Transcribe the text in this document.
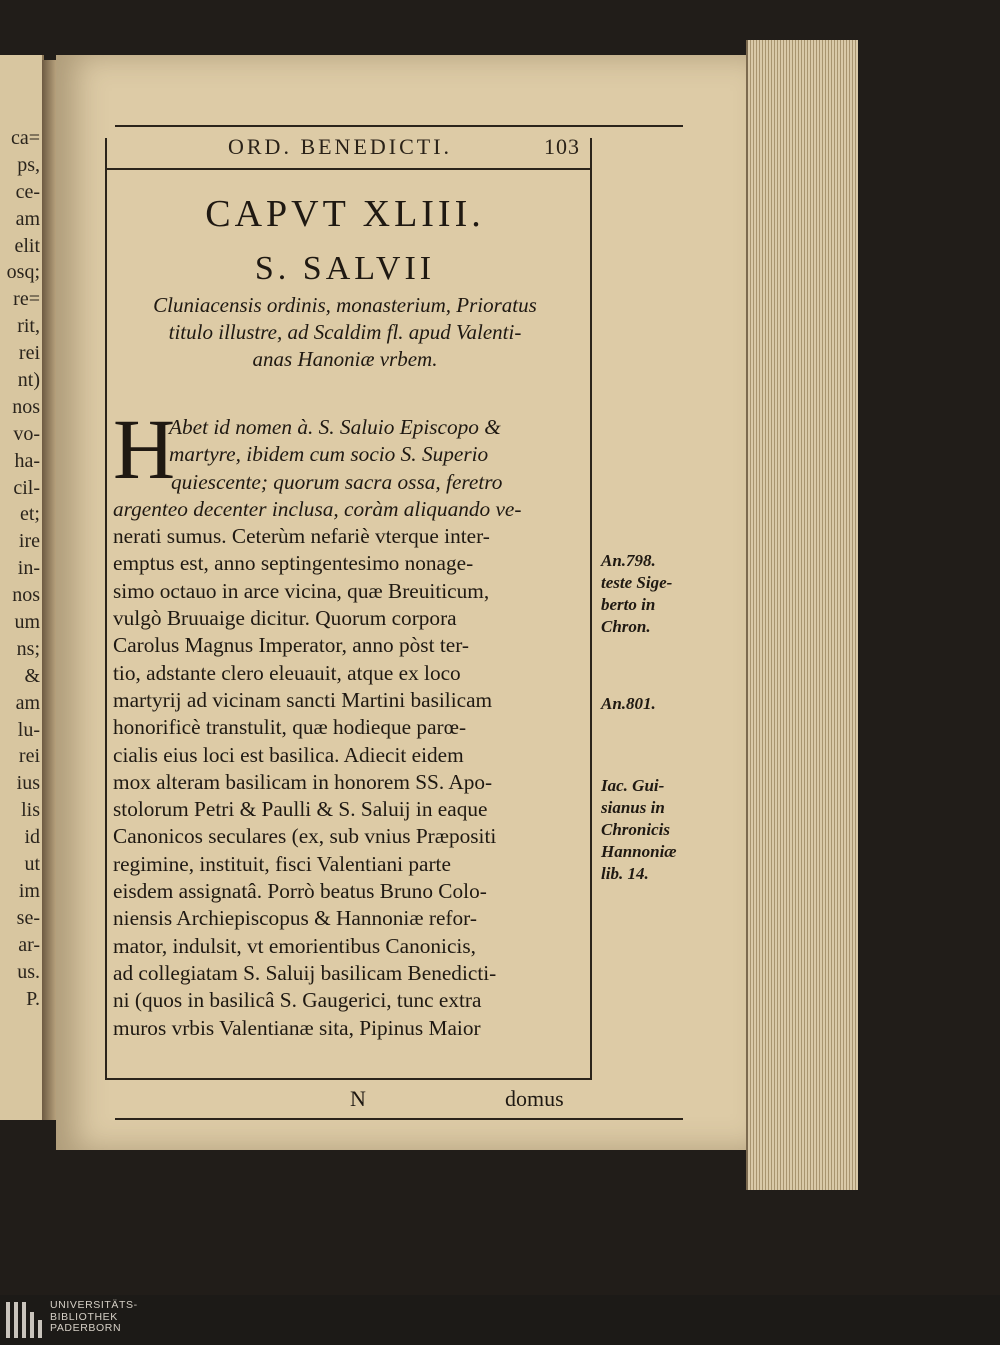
ca=
ps,
ce-
am
elit
osq;
re=
rit,
rei
nt)
nos
vo-
ha-
cil-
et;
ire
in-
nos
um
ns;
&
am
lu-
rei
ius
lis
id
ut
im
se-
ar-
us.
P.
ORD. BENEDICTI.	103
CAPVT XLIII.
S. SALVII
Cluniacensis ordinis, monasterium, Prioratus
titulo illustre, ad Scaldim fl. apud Valenti-
anas Hanoniæ vrbem.
H
Abet id nomen à. S. Saluio Episcopo &
martyre, ibidem cum socio S. Superio
quiescente; quorum sacra ossa, feretro
argenteo decenter inclusa, coràm aliquando ve-
nerati sumus. Ceterùm nefariè vterque inter-
emptus est, anno septingentesimo nonage-
simo octauo in arce vicina, quæ Breuiticum,
vulgò Bruuaige dicitur. Quorum corpora
Carolus Magnus Imperator, anno pòst ter-
tio, adstante clero eleuauit, atque ex loco
martyrij ad vicinam sancti Martini basilicam
honorificè transtulit, quæ hodieque parœ-
cialis eius loci est basilica. Adiecit eidem
mox alteram basilicam in honorem SS. Apo-
stolorum Petri & Paulli & S. Saluij in eaque
Canonicos seculares (ex, sub vnius Præpositi
regimine, instituit, fisci Valentiani parte
eisdem assignatâ. Porrò beatus Bruno Colo-
niensis Archiepiscopus & Hannoniæ refor-
mator, indulsit, vt emorientibus Canonicis,
ad collegiatam S. Saluij basilicam Benedicti-
ni (quos in basilicâ S. Gaugerici, tunc extra
muros vrbis Valentianæ sita, Pipinus Maior
An.798.
teste Sige-
berto in
Chron.
An.801.
Iac. Gui-
sianus in
Chronicis
Hannoniæ
lib. 14.
N	domus
UNIVERSITÄTS-
BIBLIOTHEK
PADERBORN
